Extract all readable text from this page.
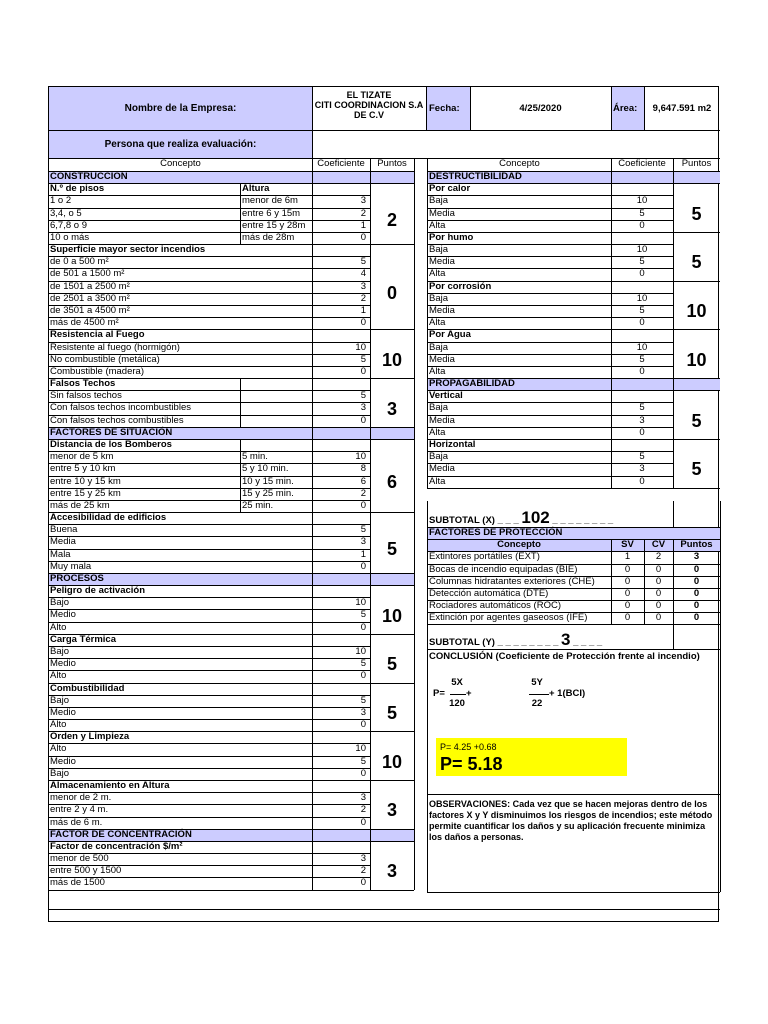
Nombre de la Empresa:
EL TIZATE
CITI COORDINACION S.A
DE C.V
Fecha:	4/25/2020	Área:	9,647.591 m2
Persona que realiza evaluación:
Concepto	Coeficiente	Puntos	Concepto	Coeficiente	Puntos
CONSTRUCCION
N.º de pisos	Altura
1 o 2	menor de 6m	3
3,4, o 5	entre 6 y 15m	2
6,7,8 o 9	entre 15 y 28m	1
10 o más	más de 28m	0
2
Superficie mayor sector incendios
de 0 a 500 m²	5
de 501 a 1500 m²	4
de 1501 a 2500 m²	3
de 2501 a 3500 m²	2
de 3501 a 4500 m²	1
más de 4500 m²	0
0
Resistencia al Fuego
Resistente al fuego (hormigón)	10
No combustible (metálica)	5
Combustible (madera)	0
10
Falsos Techos
Sin falsos techos	5
Con falsos techos incombustibles	3
Con falsos techos combustibles	0
3
FACTORES DE SITUACIÓN
Distancia de los Bomberos
menor de 5 km	5 min.	10
entre 5 y 10 km	5 y 10 min.	8
entre 10 y 15 km	10 y 15 min.	6
entre 15 y 25 km	15 y 25 min.	2
más de 25 km	25 min.	0
6
Accesibilidad de edificios
Buena	5
Media	3
Mala	1
Muy mala	0
5
PROCESOS
Peligro de activación
Bajo	10
Medio	5
Alto	0
10
Carga Térmica
Bajo	10
Medio	5
Alto	0
5
Combustibilidad
Bajo	5
Medio	3
Alto	0
5
Orden y Limpieza
Alto	10
Medio	5
Bajo	0
10
Almacenamiento en Altura
menor de 2 m.	3
entre 2 y 4 m.	2
más de 6 m.	0
3
FACTOR DE CONCENTRACIÓN
Factor de concentración $/m²
menor de 500	3
entre 500 y 1500	2
más de 1500	0
3
DESTRUCTIBILIDAD
Por calor
Baja	10
Media	5
Alta	0
5
Por humo
Baja	10
Media	5
Alta	0
5
Por corrosión
Baja	10
Media	5
Alta	0
10
Por Agua
Baja	10
Media	5
Alta	0
10
PROPAGABILIDAD
Vertical
Baja	5
Media	3
Alta	0
5
Horizontal
Baja	5
Media	3
Alta	0
5
SUBTOTAL (X) _ _ _ 102 _ _ _ _ _ _ _ _
FACTORES DE PROTECCIÓN
Concepto	SV	CV	Puntos
Extintores portátiles (EXT)	1	2	3
Bocas de incendio equipadas (BIE)	0	0	0
Columnas hidratantes exteriores (CHE)	0	0	0
Detección automática (DTE)	0	0	0
Rociadores automáticos (ROC)	0	0	0
Extinción por agentes gaseosos (IFE)	0	0	0
SUBTOTAL (Y) _ _ _ _ _ _ _ _ 3 _ _ _ _
CONCLUSIÓN (Coeficiente de Protección frente al incendio)
P=
5X
+
120
5Y
22
+ 1(BCI)
P= 4.25 +0.68
P= 5.18
OBSERVACIONES: Cada vez que se hacen mejoras dentro de los factores X y Y disminuimos los riesgos de incendios; este método permite cuantificar los daños y su aplicación frecuente minimiza los daños a personas.
